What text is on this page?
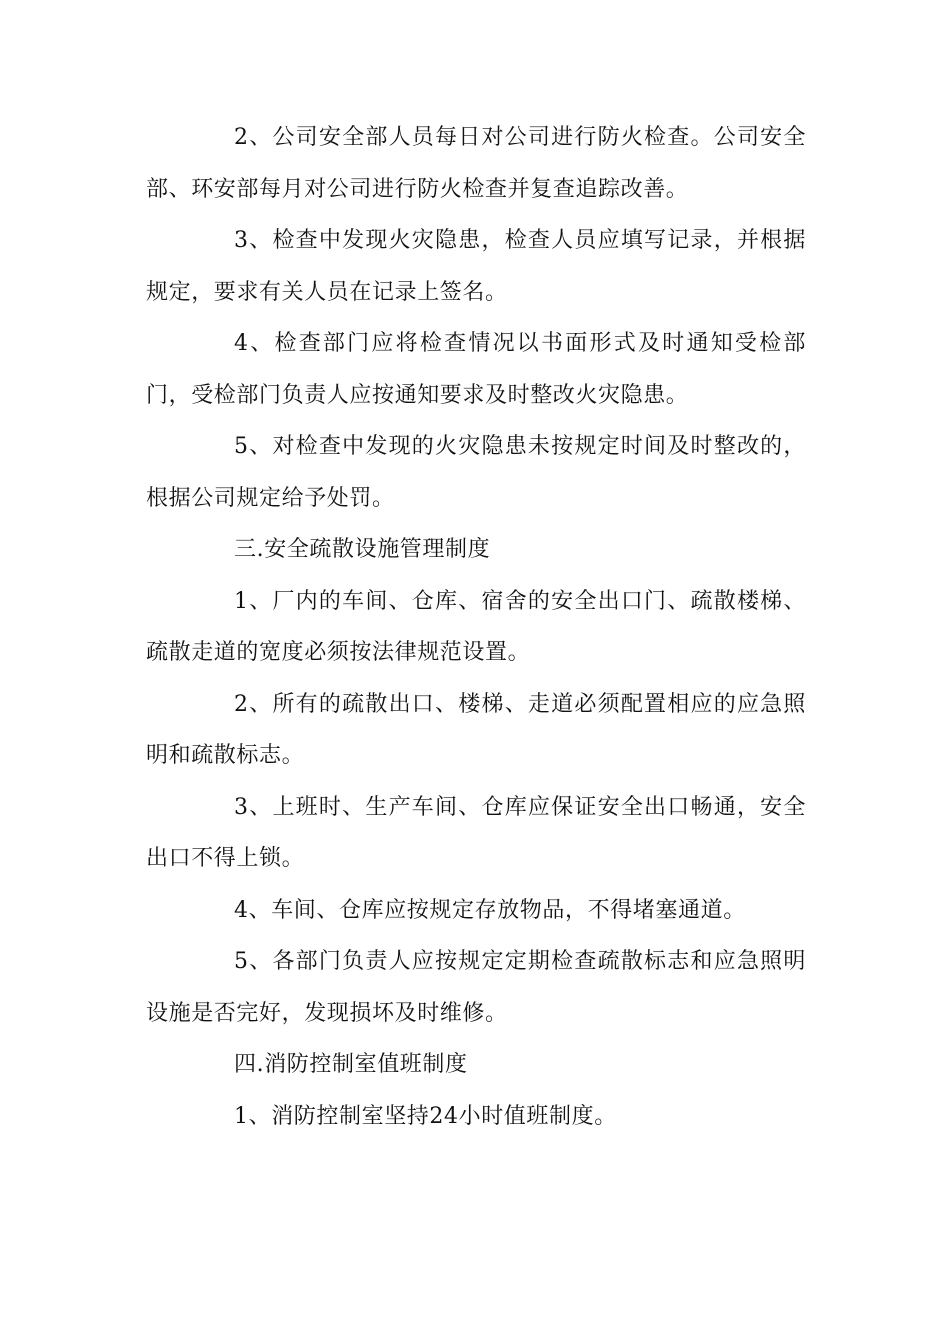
2、公司安全部人员每日对公司进行防火检查。公司安全部、环安部每月对公司进行防火检查并复查追踪改善。

3、检查中发现火灾隐患，检查人员应填写记录，并根据规定，要求有关人员在记录上签名。

4、检查部门应将检查情况以书面形式及时通知受检部门，受检部门负责人应按通知要求及时整改火灾隐患。

5、对检查中发现的火灾隐患未按规定时间及时整改的，根据公司规定给予处罚。

三.安全疏散设施管理制度

1、厂内的车间、仓库、宿舍的安全出口门、疏散楼梯、疏散走道的宽度必须按法律规范设置。

2、所有的疏散出口、楼梯、走道必须配置相应的应急照明和疏散标志。

3、上班时、生产车间、仓库应保证安全出口畅通，安全出口不得上锁。

4、车间、仓库应按规定存放物品，不得堵塞通道。

5、各部门负责人应按规定定期检查疏散标志和应急照明设施是否完好，发现损坏及时维修。

四.消防控制室值班制度

1、消防控制室坚持24小时值班制度。
